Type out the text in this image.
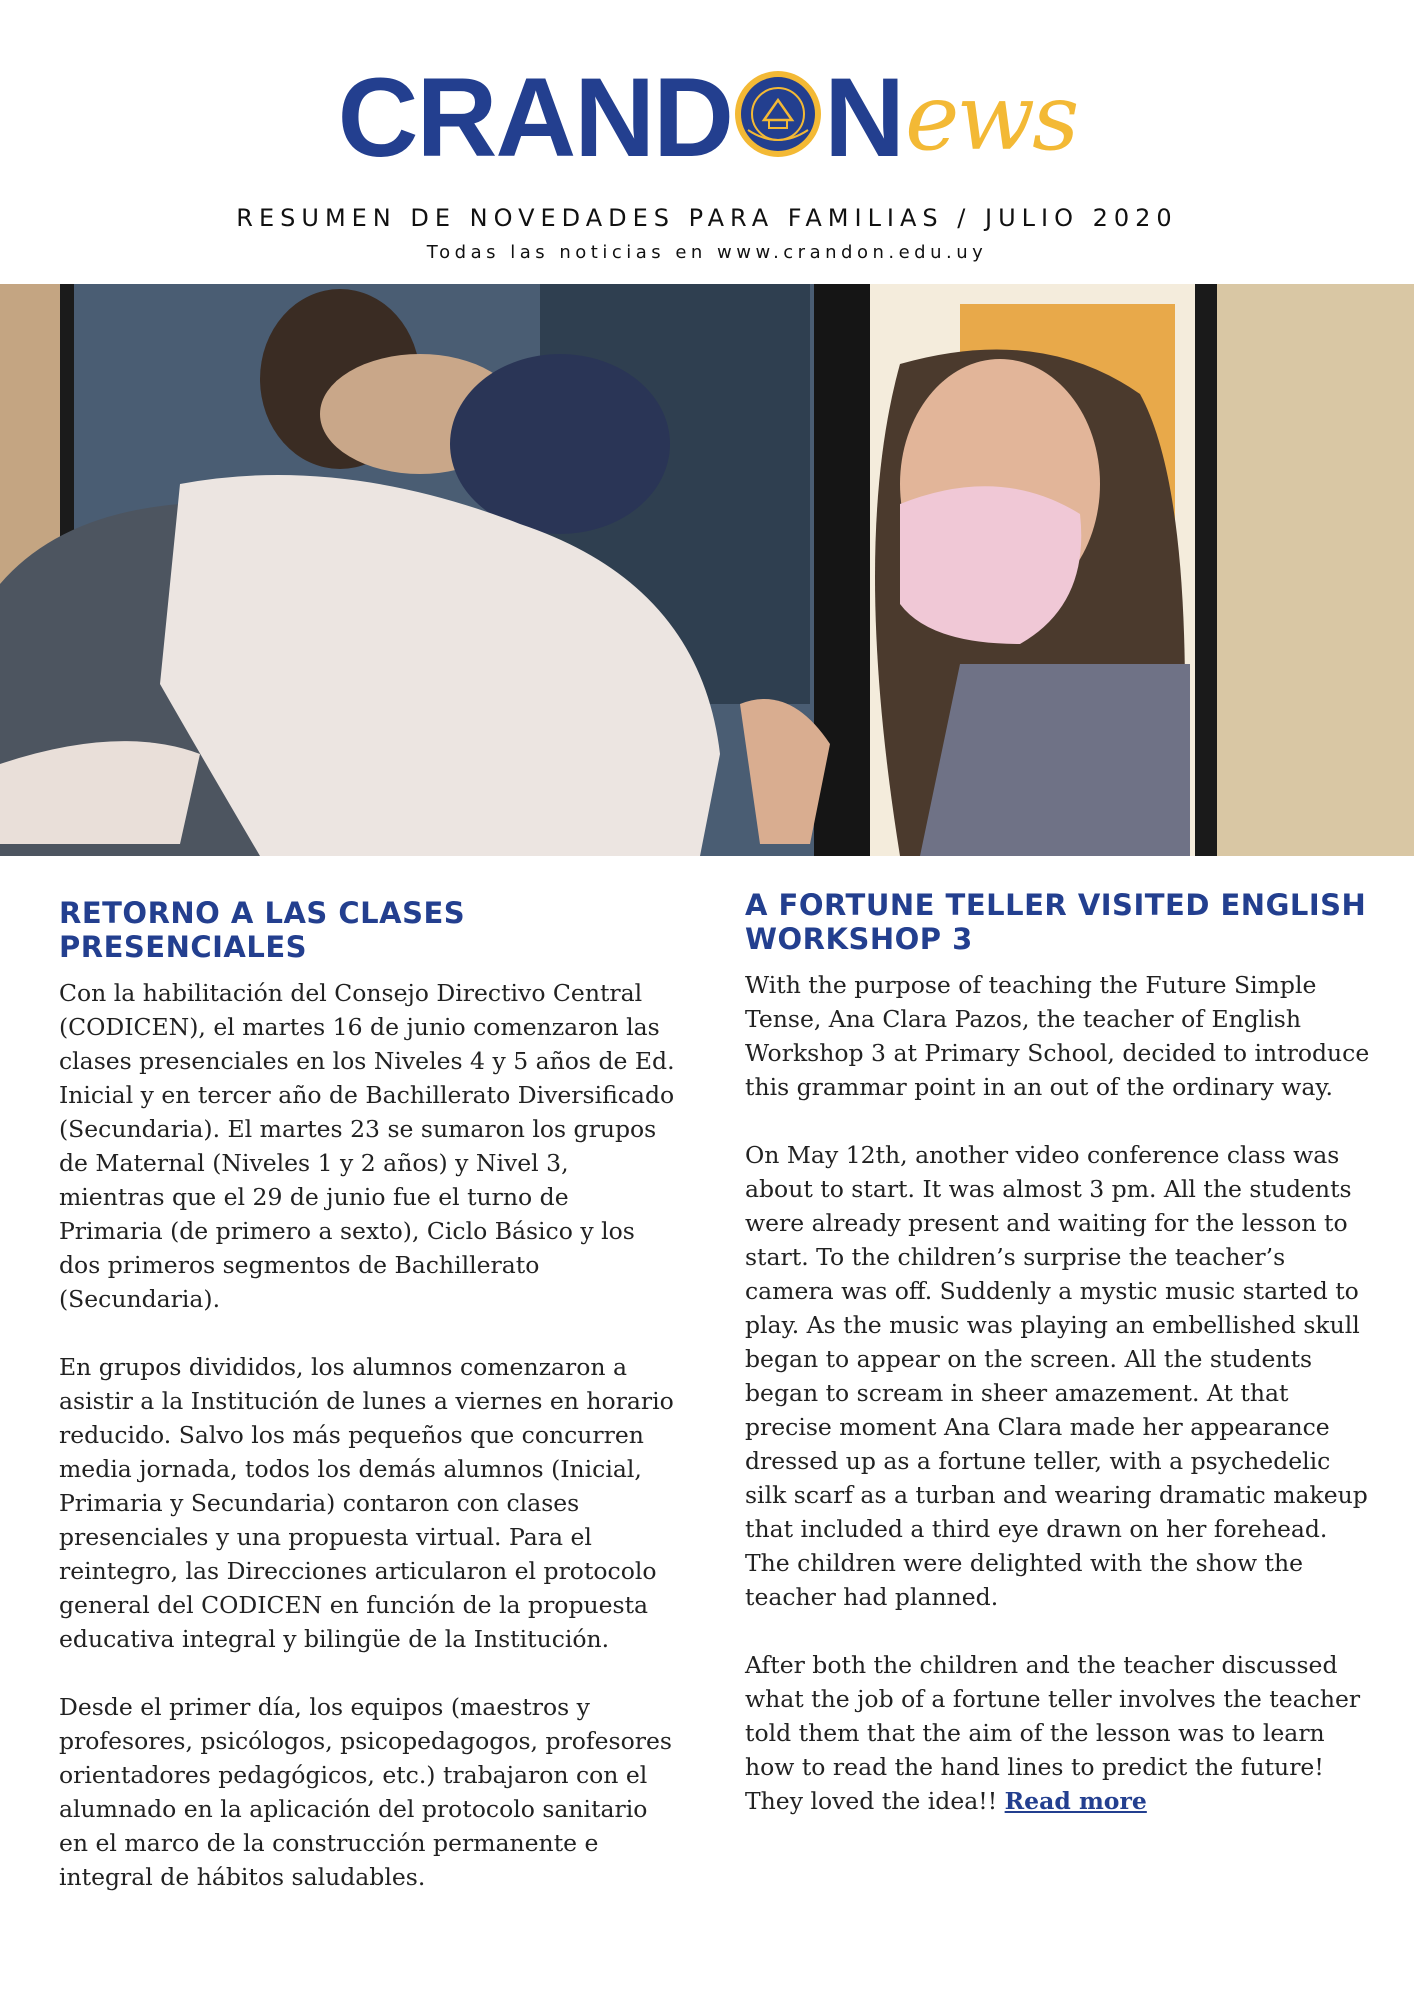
CRAND News
RESUMEN DE NOVEDADES PARA FAMILIAS / JULIO 2020
Todas las noticias en www.crandon.edu.uy
RETORNO A LAS CLASES PRESENCIALES

Con la habilitación del Consejo Directivo Central (CODICEN), el martes 16 de junio comenzaron las clases presenciales en los Niveles 4 y 5 años de Ed. Inicial y en tercer año de Bachillerato Diversificado (Secundaria). El martes 23 se sumaron los grupos de Maternal (Niveles 1 y 2 años) y Nivel 3, mientras que el 29 de junio fue el turno de Primaria (de primero a sexto), Ciclo Básico y los dos primeros segmentos de Bachillerato (Secundaria).

En grupos divididos, los alumnos comenzaron a asistir a la Institución de lunes a viernes en horario reducido. Salvo los más pequeños que concurren media jornada, todos los demás alumnos (Inicial, Primaria y Secundaria) contaron con clases presenciales y una propuesta virtual. Para el reintegro, las Direcciones articularon el protocolo general del CODICEN en función de la propuesta educativa integral y bilingüe de la Institución.

Desde el primer día, los equipos (maestros y profesores, psicólogos, psicopedagogos, profesores orientadores pedagógicos, etc.) trabajaron con el alumnado en la aplicación del protocolo sanitario en el marco de la construcción permanente e integral de hábitos saludables.

A FORTUNE TELLER VISITED ENGLISH WORKSHOP 3

With the purpose of teaching the Future Simple Tense, Ana Clara Pazos, the teacher of English Workshop 3 at Primary School, decided to introduce this grammar point in an out of the ordinary way.

On May 12th, another video conference class was about to start. It was almost 3 pm. All the students were already present and waiting for the lesson to start. To the children’s surprise the teacher’s camera was off. Suddenly a mystic music started to play. As the music was playing an embellished skull began to appear on the screen. All the students began to scream in sheer amazement. At that precise moment Ana Clara made her appearance dressed up as a fortune teller, with a psychedelic silk scarf as a turban and wearing dramatic makeup that included a third eye drawn on her forehead. The children were delighted with the show the teacher had planned.

After both the children and the teacher discussed what the job of a fortune teller involves the teacher told them that the aim of the lesson was to learn how to read the hand lines to predict the future! They loved the idea!! Read more
